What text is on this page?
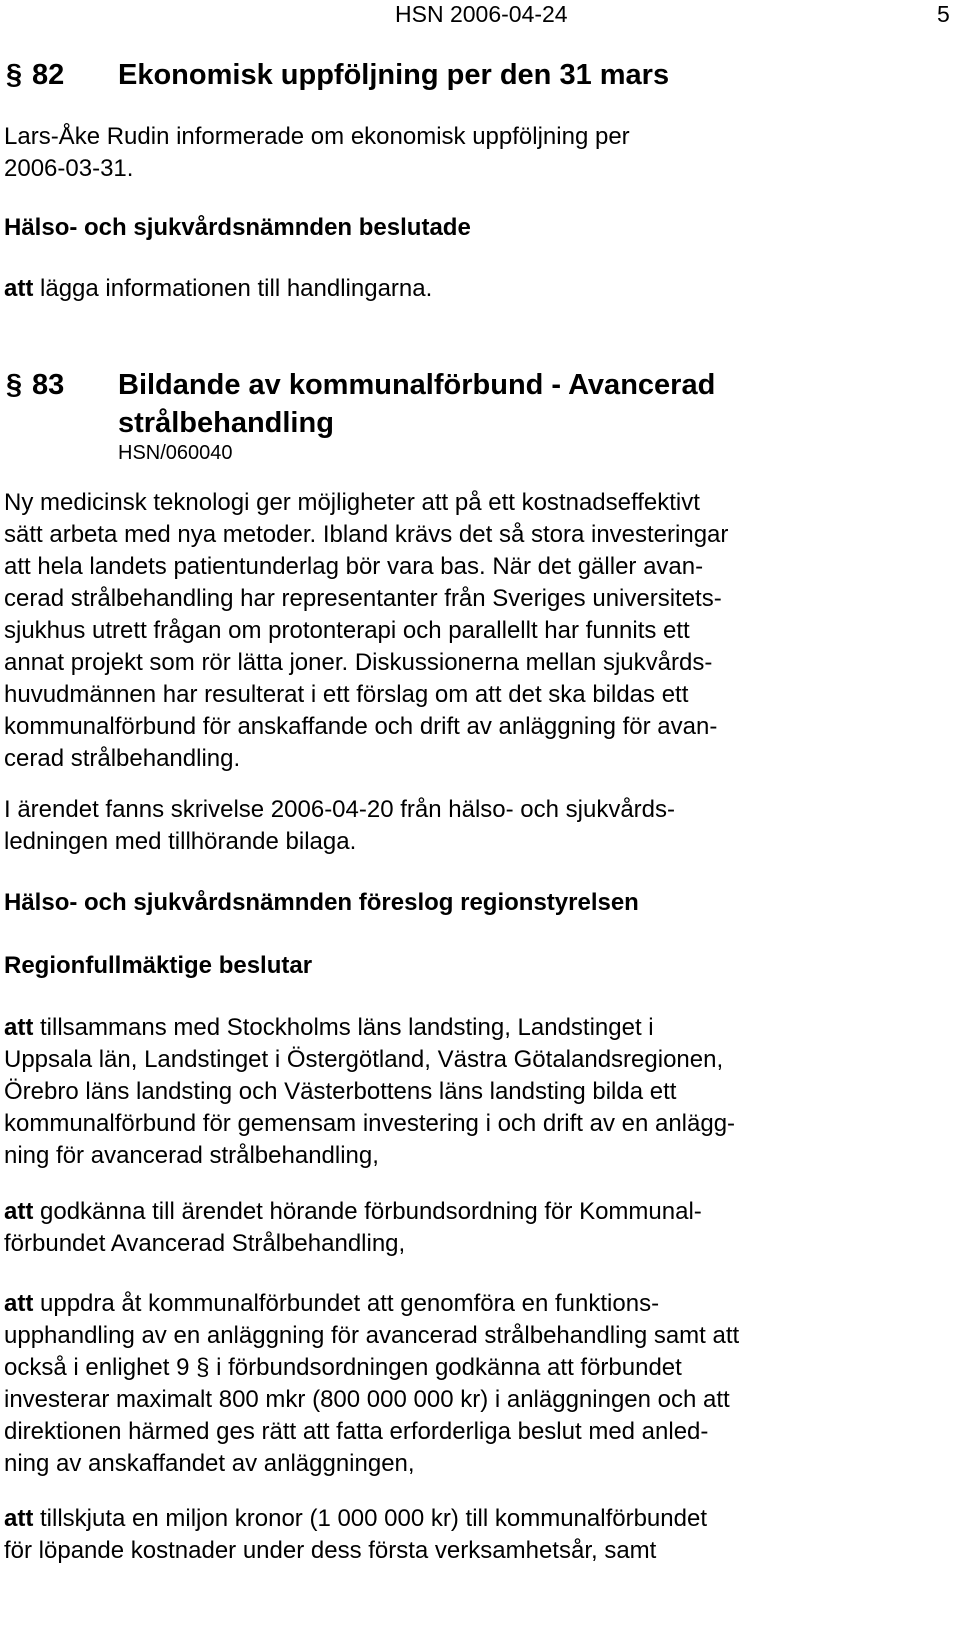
HSN 2006-04-24	5
§ 82 Ekonomisk uppföljning per den 31 mars
Lars-Åke Rudin informerade om ekonomisk uppföljning per
2006-03-31.
Hälso- och sjukvårdsnämnden beslutade
att lägga informationen till handlingarna.
§ 83 Bildande av kommunalförbund - Avancerad
strålbehandling
HSN/060040
Ny medicinsk teknologi ger möjligheter att på ett kostnadseffektivt
sätt arbeta med nya metoder. Ibland krävs det så stora investeringar
att hela landets patientunderlag bör vara bas. När det gäller avan-
cerad strålbehandling har representanter från Sveriges universitets-
sjukhus utrett frågan om protonterapi och parallellt har funnits ett
annat projekt som rör lätta joner. Diskussionerna mellan sjukvårds-
huvudmännen har resulterat i ett förslag om att det ska bildas ett
kommunalförbund för anskaffande och drift av anläggning för avan-
cerad strålbehandling.
I ärendet fanns skrivelse 2006-04-20 från hälso- och sjukvårds-
ledningen med tillhörande bilaga.
Hälso- och sjukvårdsnämnden föreslog regionstyrelsen
Regionfullmäktige beslutar
att tillsammans med Stockholms läns landsting, Landstinget i
Uppsala län, Landstinget i Östergötland, Västra Götalandsregionen,
Örebro läns landsting och Västerbottens läns landsting bilda ett
kommunalförbund för gemensam investering i och drift av en anlägg-
ning för avancerad strålbehandling,
att godkänna till ärendet hörande förbundsordning för Kommunal-
förbundet Avancerad Strålbehandling,
att uppdra åt kommunalförbundet att genomföra en funktions-
upphandling av en anläggning för avancerad strålbehandling samt att
också i enlighet 9 § i förbundsordningen godkänna att förbundet
investerar maximalt 800 mkr (800 000 000 kr) i anläggningen och att
direktionen härmed ges rätt att fatta erforderliga beslut med anled-
ning av anskaffandet av anläggningen,
att tillskjuta en miljon kronor (1 000 000 kr) till kommunalförbundet
för löpande kostnader under dess första verksamhetsår, samt
